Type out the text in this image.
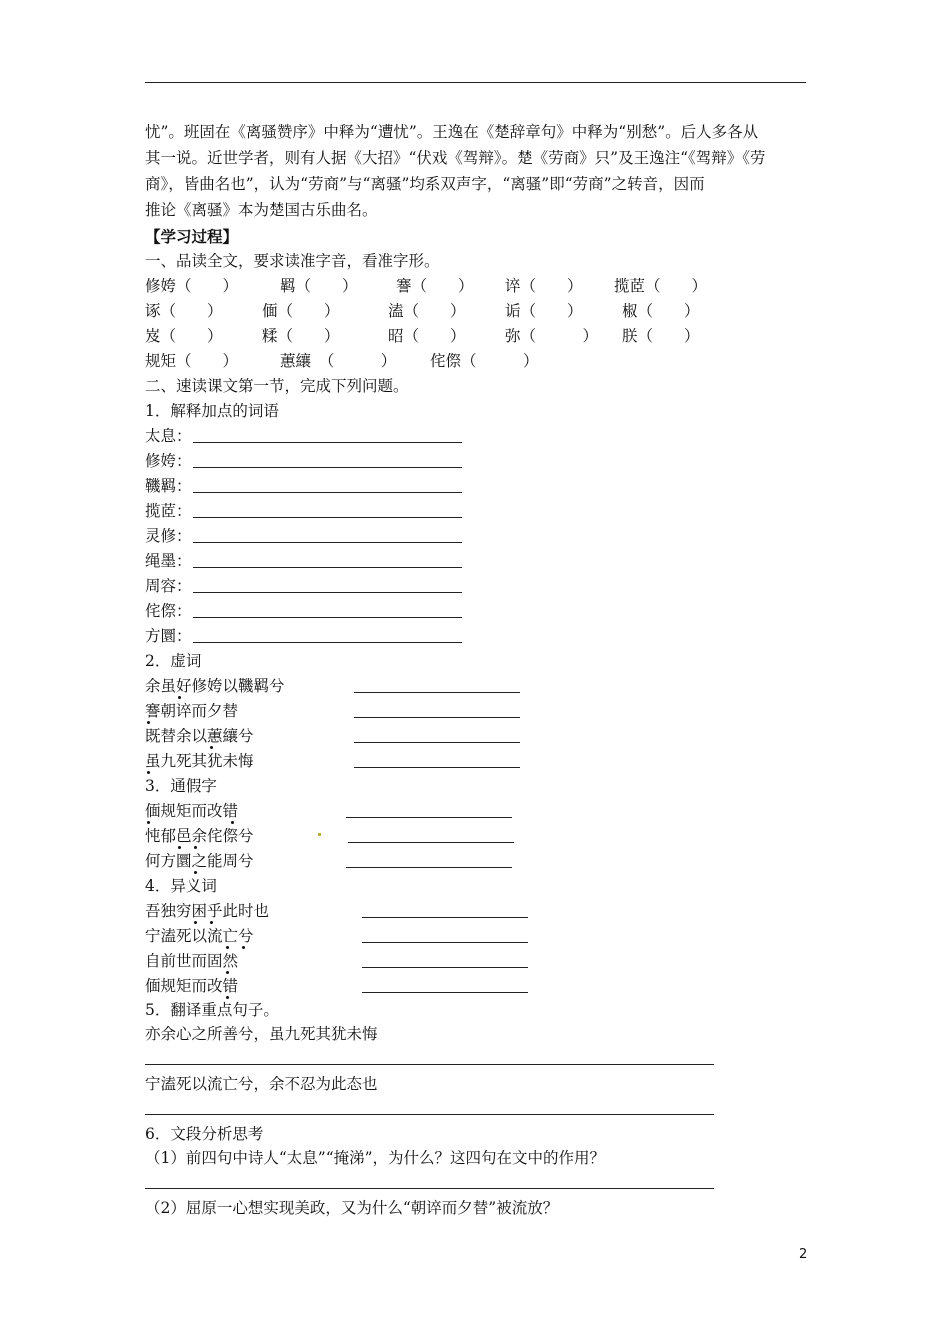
忧”。班固在《离骚赞序》中释为“遭忧”。王逸在《楚辞章句》中释为“别愁”。后人多各从
其一说。近世学者，则有人据《大招》“伏戏《驾辩》。楚《劳商》只”及王逸注“《驾辩》《劳
商》，皆曲名也”，认为“劳商”与“离骚”均系双声字，“离骚”即“劳商”之转音，因而
推论《离骚》本为楚国古乐曲名。
【学习过程】
一、品读全文，要求读准字音，看准字形。
修姱（　　）	羁（　　） 謇（　　） 谇（　　） 揽茝（　　）
诼（　　）	偭（　　）	溘（　　）	诟（　　）	椒（　　）
岌（　　）	糅（　　）	昭（　　）	弥（　　　） 朕（　　）
规矩（　　）	蕙纕　（　　　） 侘傺（　　　）
二、速读课文第一节，完成下列问题。
1．解释加点的词语
太息：
修姱：
鞿羁：
揽茝：
灵修：
绳墨：
周容：
侘傺：
方圜：
2．虚词
余虽好修姱以鞿羁兮
謇朝谇而夕替
既替余以蕙纕兮
虽九死其犹未悔
3．通假字
偭规矩而改错
忳郁邑余侘傺兮
何方圜之能周兮
4．异义词
吾独穷困乎此时也
宁溘死以流亡兮
自前世而固然
偭规矩而改错
5．翻译重点句子。
亦余心之所善兮，虽九死其犹未悔
宁溘死以流亡兮，余不忍为此态也
6．文段分析思考
（1）前四句中诗人“太息”“掩涕”，为什么？这四句在文中的作用？
（2）屈原一心想实现美政，又为什么“朝谇而夕替”被流放？
2
